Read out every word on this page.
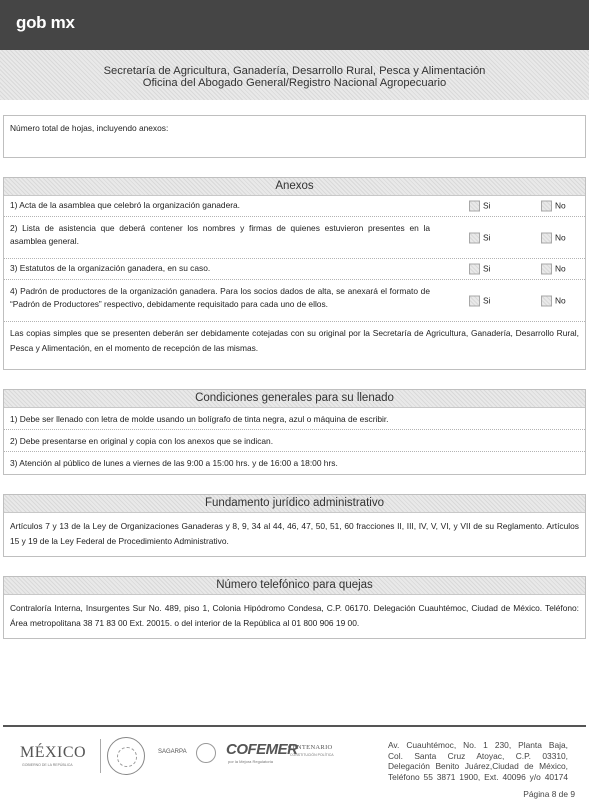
gob mx
Secretaría de Agricultura, Ganadería, Desarrollo Rural, Pesca y Alimentación
Oficina del Abogado General/Registro Nacional Agropecuario
Número total de hojas, incluyendo anexos:
Anexos
1) Acta de la asamblea que celebró la organización ganadera.	Si	No
2) Lista de asistencia que deberá contener los nombres y firmas de quienes estuvieron presentes en la asamblea general.	Si	No
3) Estatutos de la organización ganadera, en su caso.	Si	No
4) Padrón de productores de la organización ganadera. Para los socios dados de alta, se anexará el formato de “Padrón de Productores” respectivo, debidamente requisitado para cada uno de ellos.	Si	No
Las copias simples que se presenten deberán ser debidamente cotejadas con su original por la Secretaría de Agricultura, Ganadería, Desarrollo Rural, Pesca y Alimentación, en el momento de recepción de las mismas.
Condiciones generales para su llenado
1) Debe ser llenado con letra de molde usando un bolígrafo de tinta negra, azul o máquina de escribir.
2) Debe presentarse en original y copia con los anexos que se indican.
3) Atención al público de lunes a viernes de las 9:00 a 15:00 hrs. y de 16:00 a 18:00 hrs.
Fundamento jurídico administrativo
Artículos 7 y 13 de la Ley de Organizaciones Ganaderas y 8, 9, 34 al 44, 46, 47, 50, 51, 60 fracciones II, III, IV, V, VI, y VII de su Reglamento. Artículos 15 y 19 de la Ley Federal de Procedimiento Administrativo.
Número telefónico para quejas
Contraloría Interna, Insurgentes Sur No. 489, piso 1, Colonia Hipódromo Condesa, C.P. 06170. Delegación Cuauhtémoc, Ciudad de México. Teléfono: Área metropolitana 38 71 83 00 Ext. 20015. o del interior de la República al 01 800 906 19 00.
MÉXICO
GOBIERNO DE LA REPÚBLICA
SAGARPA	COFEMER
por la Mejora Regulatoria
CENTENARIO
CONSTITUCIÓN POLÍTICA
Av. Cuauhtémoc, No. 1 230, Planta Baja,
Col. Santa Cruz Atoyac, C.P. 03310,
Delegación Benito Juárez,Ciudad de México,
Teléfono 55 3871 1900, Ext. 40096 y/o 40174
Página 8 de 9
